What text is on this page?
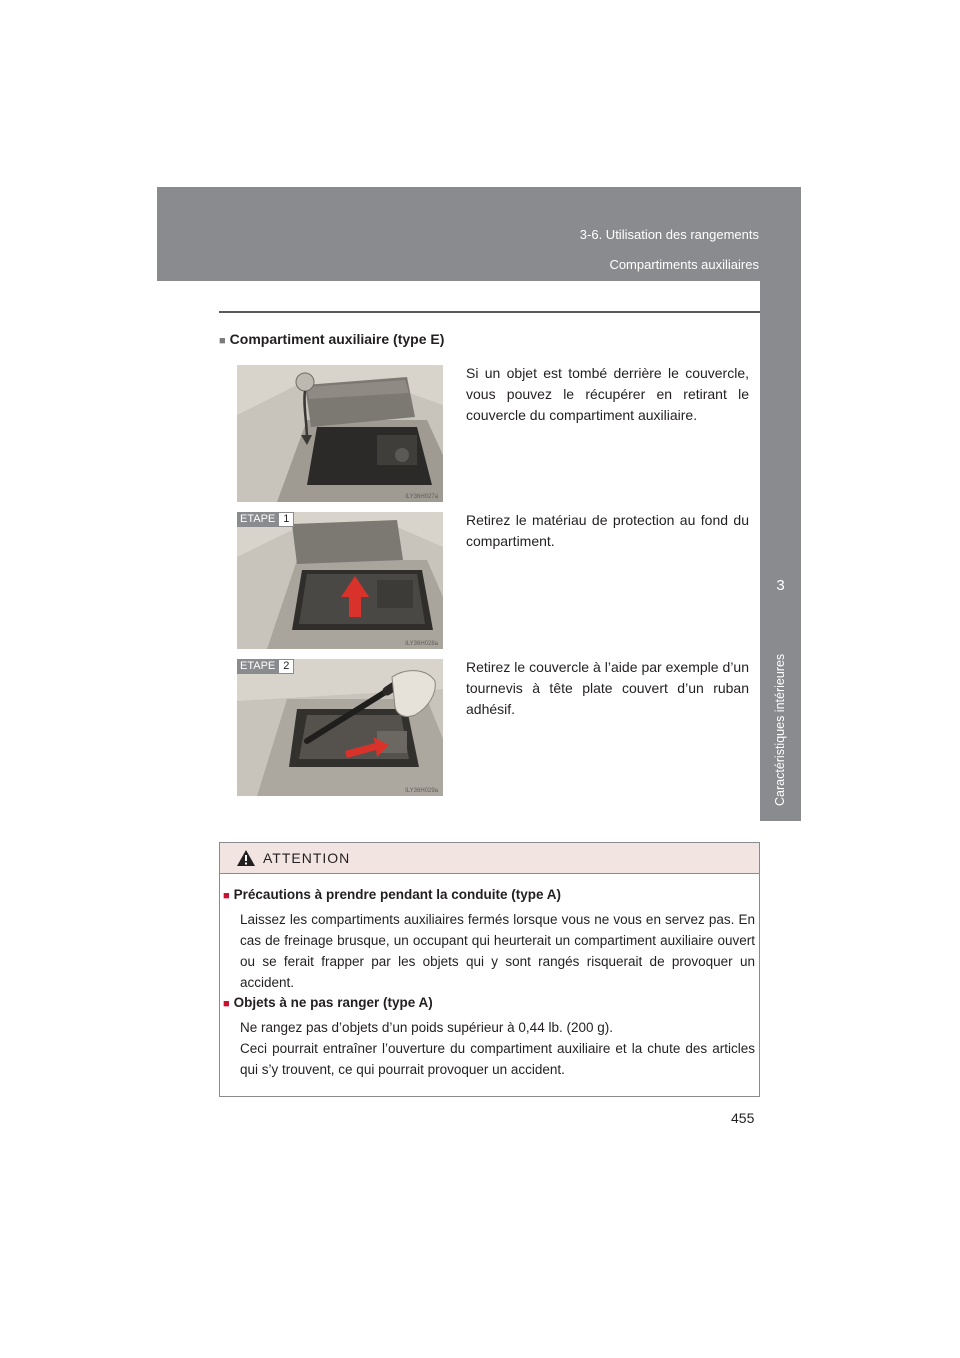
3-6. Utilisation des rangements
Compartiments auxiliaires
3
Caractéristiques intérieures
■ Compartiment auxiliaire (type E)
ILY36H027a
Si un objet est tombé derrière le couvercle, vous pouvez le récupérer en retirant le couvercle du compartiment auxiliaire.
ETAPE 1
ILY36H028a
Retirez le matériau de protection au fond du compartiment.
ETAPE 2
ILY36H029a
Retirez le couvercle à l’aide par exemple d’un tournevis à tête plate couvert d’un ruban adhésif.
ATTENTION
■ Précautions à prendre pendant la conduite (type A)
Laissez les compartiments auxiliaires fermés lorsque vous ne vous en servez pas. En cas de freinage brusque, un occupant qui heurterait un compartiment auxiliaire ouvert ou se ferait frapper par les objets qui y sont rangés risquerait de provoquer un accident.
■ Objets à ne pas ranger (type A)
Ne rangez pas d’objets d’un poids supérieur à 0,44 lb. (200 g).
Ceci pourrait entraîner l’ouverture du compartiment auxiliaire et la chute des articles qui s’y trouvent, ce qui pourrait provoquer un accident.
455
